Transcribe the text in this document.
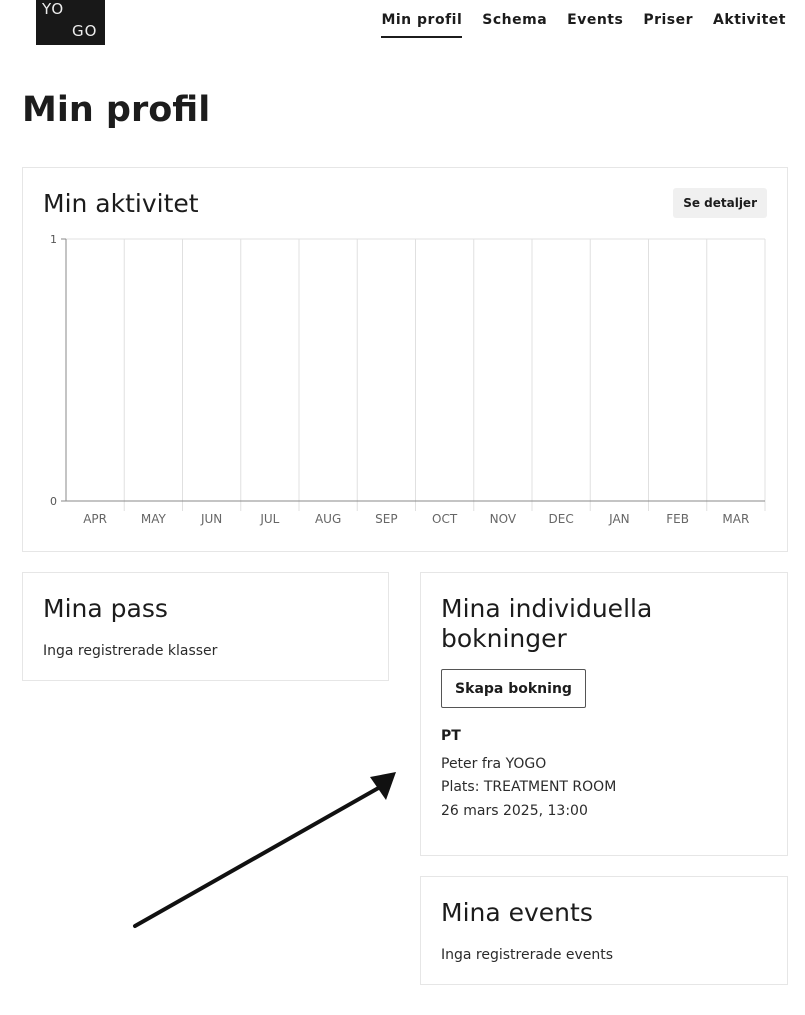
YO
GO
Min profil Schema Events Priser Aktivitet
Min profil
Min aktivitet	Se detaljer
0
1
APR	MAY	JUN	JUL	AUG	SEP	OCT	NOV	DEC	JAN	FEB	MAR
Mina pass
Inga registrerade klasser
Mina individuella bokninger
Skapa bokning
PT
Peter fra YOGO
Plats: TREATMENT ROOM
26 mars 2025, 13:00
Mina events
Inga registrerade events
